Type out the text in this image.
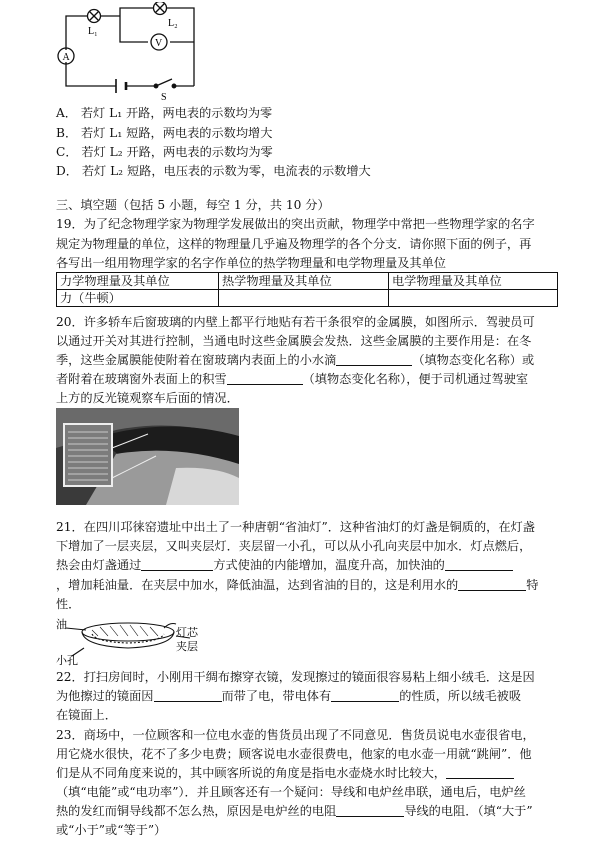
A
V
L₁
L₂
S
A． 若灯 L₁ 开路，两电表的示数均为零
B． 若灯 L₁ 短路，两电表的示数均增大
C． 若灯 L₂ 开路，两电表的示数均为零
D． 若灯 L₂ 短路，电压表的示数为零，电流表的示数增大
三、填空题（包括 5 小题，每空 1 分，共 10 分）
19．为了纪念物理学家为物理学发展做出的突出贡献，物理学中常把一些物理学家的名字
规定为物理量的单位，这样的物理量几乎遍及物理学的各个分支．请你照下面的例子，再
各写出一组用物理学家的名字作单位的热学物理量和电学物理量及其单位
力学物理量及其单位	热学物理量及其单位	电学物理量及其单位
力（牛顿）		
20．许多轿车后窗玻璃的内壁上都平行地贴有若干条很窄的金属膜，如图所示．驾驶员可
以通过开关对其进行控制，当通电时这些金属膜会发热．这些金属膜的主要作用是：在冬
季，这些金属膜能使附着在窗玻璃内表面上的小水滴	（填物态变化名称）或
者附着在玻璃窗外表面上的积雪	（填物态变化名称），便于司机通过驾驶室
上方的反光镜观察车后面的情况．
21．在四川邛徕窑遗址中出土了一种唐朝“省油灯”．这种省油灯的灯盏是铜质的，在灯盏
下增加了一层夹层，又叫夹层灯．夹层留一小孔，可以从小孔向夹层中加水．灯点燃后，
热会由灯盏通过	方式使油的内能增加，温度升高，加快油的
，增加耗油量．在夹层中加水，降低油温，达到省油的目的，这是利用水的	特
性．
油
灯芯
夹层
小孔
22．打扫房间时，小刚用干绸布擦穿衣镜，发现擦过的镜面很容易粘上细小绒毛．这是因
为他擦过的镜面因	而带了电，带电体有	的性质，所以绒毛被吸
在镜面上．
23．商场中，一位顾客和一位电水壶的售货员出现了不同意见．售货员说电水壶很省电，
用它烧水很快，花不了多少电费；顾客说电水壶很费电，他家的电水壶一用就“跳闸”．他
们是从不同角度来说的，其中顾客所说的角度是指电水壶烧水时比较大，
（填“电能”或“电功率”）．并且顾客还有一个疑问：导线和电炉丝串联，通电后，电炉丝
热的发红而铜导线都不怎么热，原因是电炉丝的电阻	导线的电阻．（填“大于”
或“小于”或“等于”）
